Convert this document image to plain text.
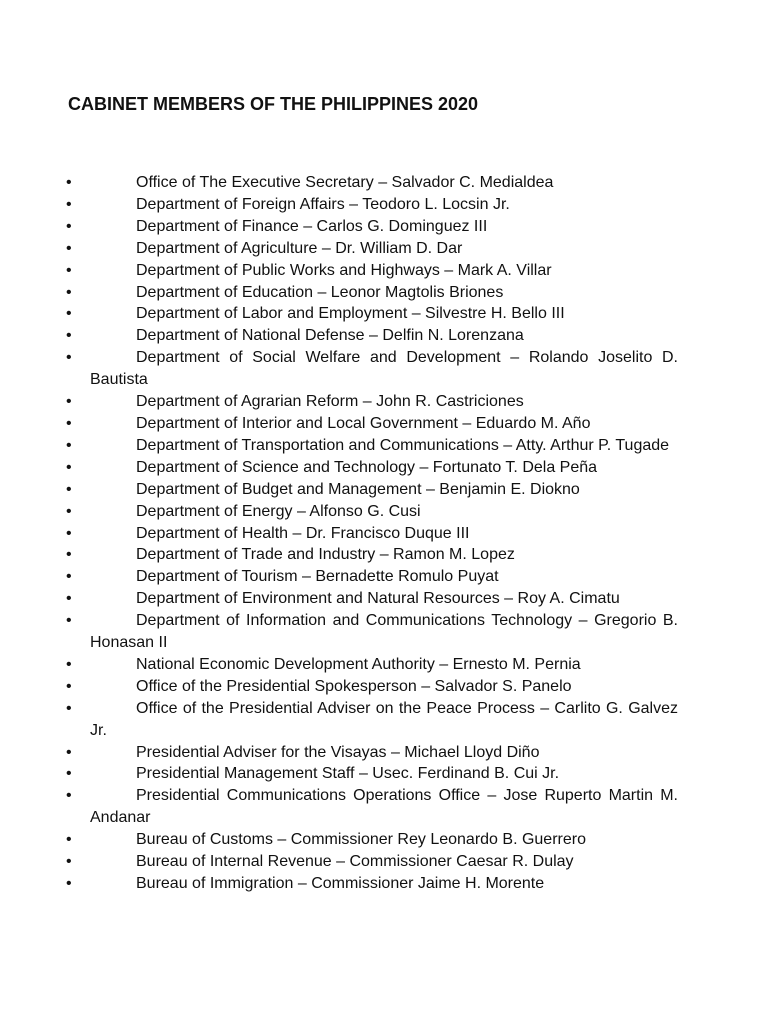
CABINET MEMBERS OF THE PHILIPPINES 2020
•	Office of The Executive Secretary – Salvador C. Medialdea
•	Department of Foreign Affairs – Teodoro L. Locsin Jr.
•	Department of Finance – Carlos G. Dominguez III
•	Department of Agriculture – Dr. William D. Dar
•	Department of Public Works and Highways – Mark A. Villar
•	Department of Education – Leonor Magtolis Briones
•	Department of Labor and Employment – Silvestre H. Bello III
•	Department of National Defense – Delfin N. Lorenzana
•	Department of Social Welfare and Development – Rolando Joselito D. Bautista
•	Department of Agrarian Reform – John R. Castriciones
•	Department of Interior and Local Government – Eduardo M. Año
•	Department of Transportation and Communications – Atty. Arthur P. Tugade
•	Department of Science and Technology – Fortunato T. Dela Peña
•	Department of Budget and Management – Benjamin E. Diokno
•	Department of Energy – Alfonso G. Cusi
•	Department of Health – Dr. Francisco Duque III
•	Department of Trade and Industry – Ramon M. Lopez
•	Department of Tourism – Bernadette Romulo Puyat
•	Department of Environment and Natural Resources – Roy A. Cimatu
•	Department of Information and Communications Technology – Gregorio B. Honasan II
•	National Economic Development Authority – Ernesto M. Pernia
•	Office of the Presidential Spokesperson – Salvador S. Panelo
•	Office of the Presidential Adviser on the Peace Process – Carlito G. Galvez Jr.
•	Presidential Adviser for the Visayas – Michael Lloyd Diño
•	Presidential Management Staff – Usec. Ferdinand B. Cui Jr.
•	Presidential Communications Operations Office – Jose Ruperto Martin M. Andanar
•	Bureau of Customs – Commissioner Rey Leonardo B. Guerrero
•	Bureau of Internal Revenue – Commissioner Caesar R. Dulay
•	Bureau of Immigration – Commissioner Jaime H. Morente
